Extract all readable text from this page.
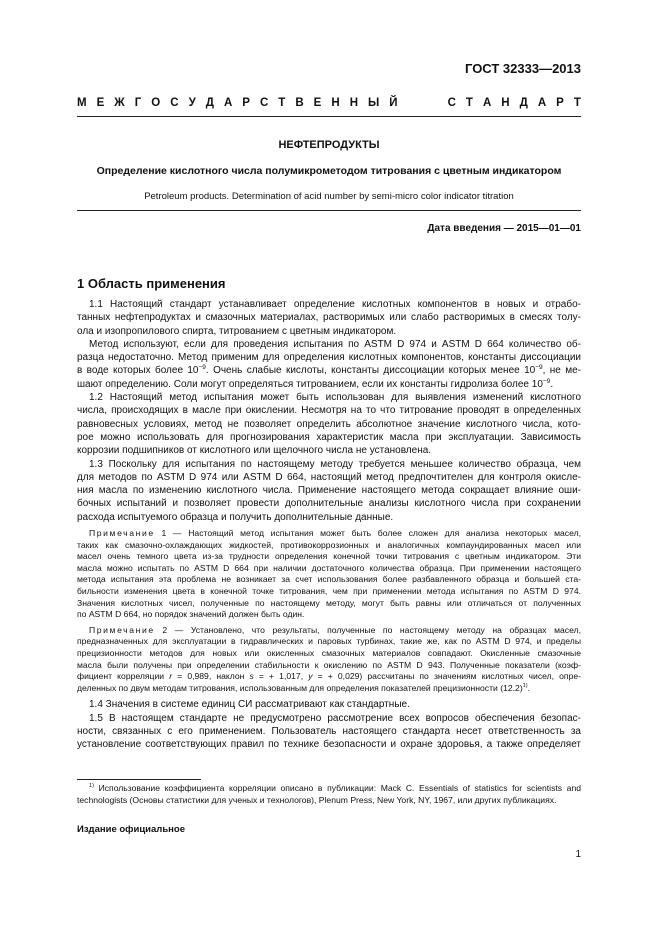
ГОСТ 32333—2013
М Е Ж Г О С У Д А Р С Т В Е Н Н Ы Й	С Т А Н Д А Р Т
НЕФТЕПРОДУКТЫ
Определение кислотного числа полумикрометодом титрования с цветным индикатором
Petroleum products. Determination of acid number by semi-micro color indicator titration
Дата введения — 2015—01—01
1 Область применения
1.1 Настоящий стандарт устанавливает определение кислотных компонентов в новых и отрабо-
танных нефтепродуктах и смазочных материалах, растворимых или слабо растворимых в смесях толу-
ола и изопропилового спирта, титрованием с цветным индикатором.
Метод используют, если для проведения испытания по ASTM D 974 и ASTM D 664 количество об-
разца недостаточно. Метод применим для определения кислотных компонентов, константы диссоциации
в воде которых более $10^{-9}$. Очень слабые кислоты, константы диссоциации которых менее $10^{-9}$, не ме-
шают определению. Соли могут определяться титрованием, если их константы гидролиза более $10^{-9}$.
1.2 Настоящий метод испытания может быть использован для выявления изменений кислотного
числа, происходящих в масле при окислении. Несмотря на то что титрование проводят в определенных
равновесных условиях, метод не позволяет определить абсолютное значение кислотного числа, кото-
рое можно использовать для прогнозирования характеристик масла при эксплуатации. Зависимость
коррозии подшипников от кислотного или щелочного числа не установлена.
1.3 Поскольку для испытания по настоящему методу требуется меньшее количество образца, чем
для методов по ASTM D 974 или ASTM D 664, настоящий метод предпочтителен для контроля окисле-
ния масла по изменению кислотного числа. Применение настоящего метода сокращает влияние оши-
бочных испытаний и позволяет провести дополнительные анализы кислотного числа при сохранении
расхода испытуемого образца и получить дополнительные данные.
Примечание 1 — Настоящий метод испытания может быть более сложен для анализа некоторых масел,
таких как смазочно-охлаждающих жидкостей, противокоррозионных и аналогичных компаундированных масел или
масел очень темного цвета из-за трудности определения конечной точки титрования с цветным индикатором. Эти
масла можно испытать по ASTM D 664 при наличии достаточного количества образца. При применении настоящего
метода испытания эта проблема не возникает за счет использования более разбавленного образца и большей ста-
бильности изменения цвета в конечной точке титрования, чем при применении метода испытания по ASTM D 974.
Значения кислотных чисел, полученные по настоящему методу, могут быть равны или отличаться от полученных
по ASTM D 664, но порядок значений должен быть один.
Примечание 2 — Установлено, что результаты, полученные по настоящему методу на образцах масел,
предназначенных для эксплуатации в гидравлических и паровых турбинах, такие же, как по ASTM D 974, и пределы
прецизионности методов для новых или окисленных смазочных материалов совпадают. Окисленные смазочные
масла были получены при определении стабильности к окислению по ASTM D 943. Полученные показатели (коэф-
фициент корреляции r = 0,989, наклон s = + 1,017, y = + 0,029) рассчитаны по значениям кислотных чисел, опре-
деленных по двум методам титрования, использованным для определения показателей прецизионности $(12.2)^{1)}$.
1.4 Значения в системе единиц СИ рассматривают как стандартные.
1.5 В настоящем стандарте не предусмотрено рассмотрение всех вопросов обеспечения безопас-
ности, связанных с его применением. Пользователь настоящего стандарта несет ответственность за
установление соответствующих правил по технике безопасности и охране здоровья, а также определяет
$^{1)}$ Использование коэффициента корреляции описано в публикации: Mack C. Essentials of statistics for scientists and
technologists (Основы статистики для ученых и технологов), Plenum Press, New York, NY, 1967, или других публикациях.
Издание официальное
1
